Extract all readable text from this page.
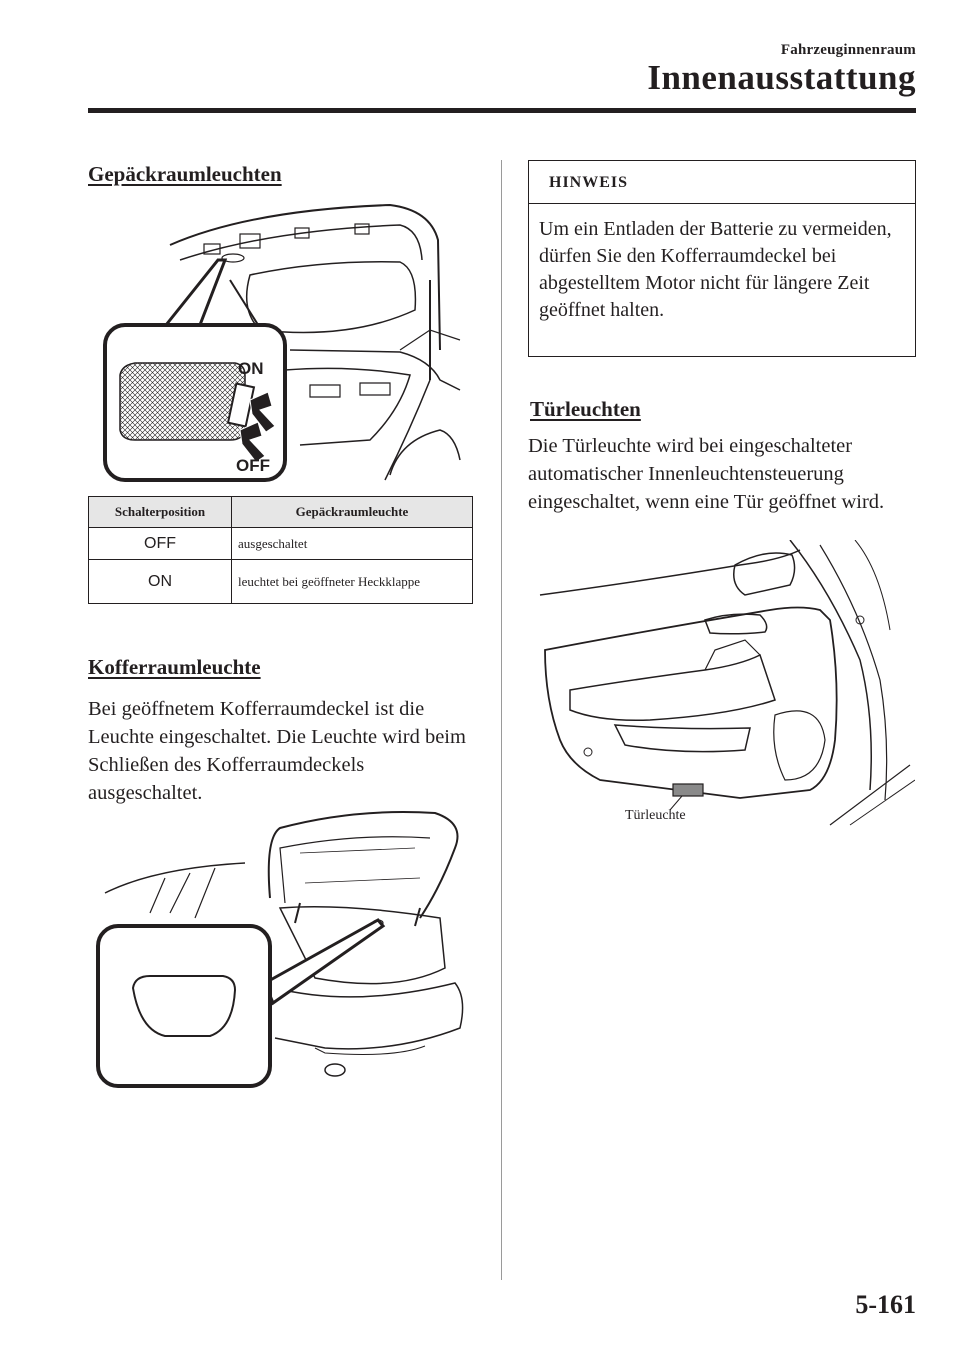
Fahrzeuginnenraum
Innenausstattung
Gepäckraumleuchten
ON
OFF
Schalterposition	Gepäckraumleuchte
OFF	ausgeschaltet
ON	leuchtet bei geöffneter Heckklappe
Kofferraumleuchte

Bei geöffnetem Kofferraumdeckel ist die Leuchte eingeschaltet. Die Leuchte wird beim Schließen des Kofferraumdeckels ausgeschaltet.

HINWEIS
Um ein Entladen der Batterie zu vermeiden, dürfen Sie den Kofferraumdeckel bei abgestelltem Motor nicht für längere Zeit geöffnet halten.
Türleuchten

Die Türleuchte wird bei eingeschalteter automatischer Innenleuchtensteuerung eingeschaltet, wenn eine Tür geöffnet wird.

Türleuchte
5-161
